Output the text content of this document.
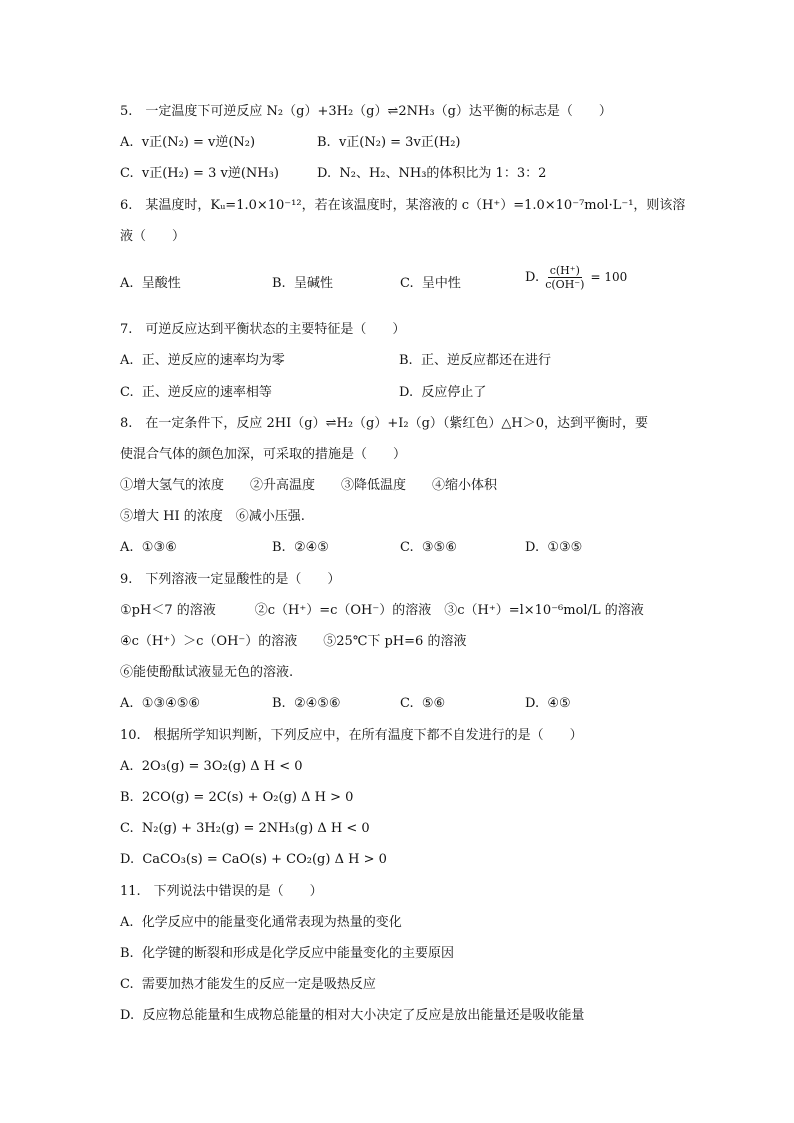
5.　一定温度下可逆反应 N₂（g）+3H₂（g）⇌2NH₃（g）达平衡的标志是（　　）
A.  v正(N₂) = v逆(N₂)	B.  v正(N₂) = 3v正(H₂)
C.  v正(H₂) = 3 v逆(NH₃)	D.  N₂、H₂、NH₃的体积比为 1：3：2
6.　某温度时，Kᵤ=1.0×10⁻¹²，若在该温度时，某溶液的 c（H⁺）=1.0×10⁻⁷mol·L⁻¹，则该溶
液（　　）
A.  呈酸性	B.  呈碱性	C.  呈中性	D. $\frac{c(H^+)}{c(OH^-)} = 100$
7.　可逆反应达到平衡状态的主要特征是（　　）
A.  正、逆反应的速率均为零	B.  正、逆反应都还在进行
C.  正、逆反应的速率相等	D.  反应停止了
8.　在一定条件下，反应 2HI（g）⇌H₂（g）+I₂（g）（紫红色）△H＞0，达到平衡时，要
使混合气体的颜色加深，可采取的措施是（　　）
①增大氢气的浓度　　②升高温度　　③降低温度　　④缩小体积
⑤增大 HI 的浓度　⑥减小压强.
A.  ①③⑥	B.  ②④⑤	C.  ③⑤⑥	D.  ①③⑤
9.　下列溶液一定显酸性的是（　　）
①pH＜7 的溶液　　　②c（H⁺）=c（OH⁻）的溶液　③c（H⁺）=l×10⁻⁶mol/L 的溶液
④c（H⁺）＞c（OH⁻）的溶液　　⑤25℃下 pH=6 的溶液
⑥能使酚酞试液显无色的溶液.
A.  ①③④⑤⑥	B.  ②④⑤⑥	C.  ⑤⑥	D.  ④⑤
10.　根据所学知识判断，下列反应中，在所有温度下都不自发进行的是（　　）
A.  2O₃(g) = 3O₂(g) Δ H < 0
B.  2CO(g) = 2C(s) + O₂(g) Δ H > 0
C.  N₂(g) + 3H₂(g) = 2NH₃(g) Δ H < 0
D.  CaCO₃(s) = CaO(s) + CO₂(g) Δ H > 0
11.　下列说法中错误的是（　　）
A.  化学反应中的能量变化通常表现为热量的变化
B.  化学键的断裂和形成是化学反应中能量变化的主要原因
C.  需要加热才能发生的反应一定是吸热反应
D.  反应物总能量和生成物总能量的相对大小决定了反应是放出能量还是吸收能量
